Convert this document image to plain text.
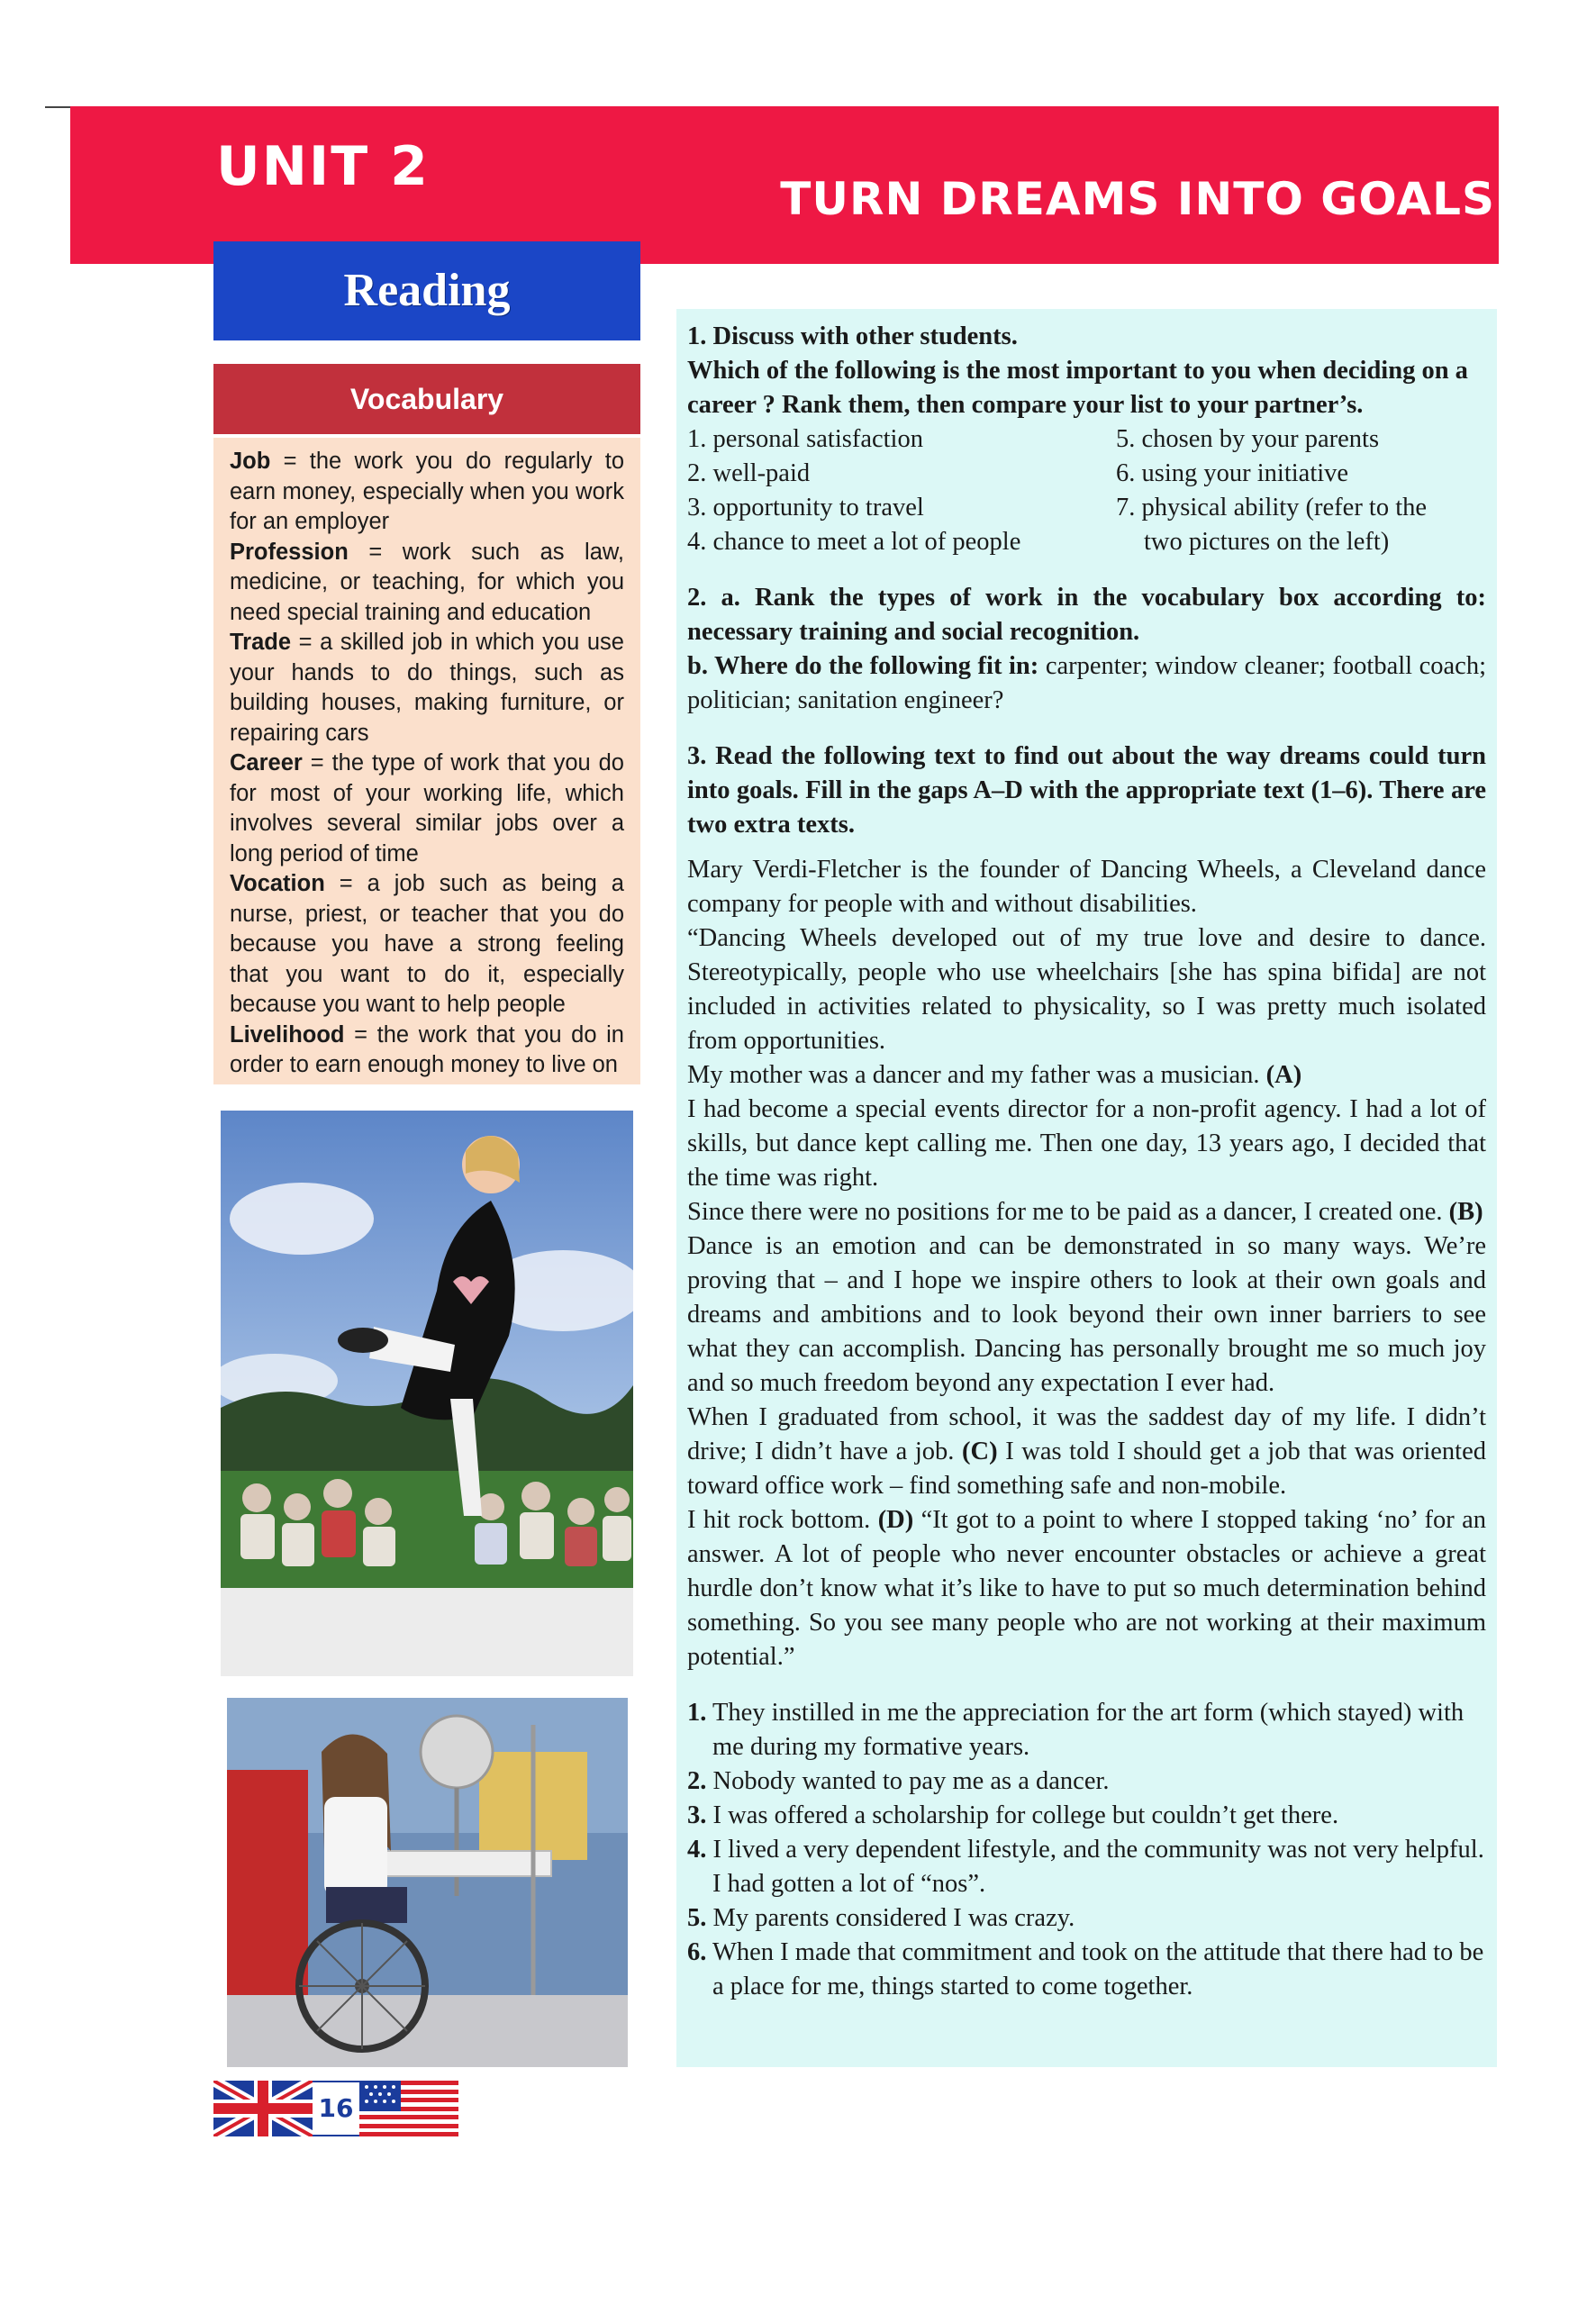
UNIT 2
TURN DREAMS INTO GOALS
Reading
Vocabulary

Job = the work you do regularly to earn money, especially when you work for an employer

Profession = work such as law, medicine, or teaching, for which you need special training and education

Trade = a skilled job in which you use your hands to do things, such as building houses, making furniture, or repairing cars

Career = the type of work that you do for most of your working life, which involves several similar jobs over a long period of time

Vocation = a job such as being a nurse, priest, or teacher that you do because you have a strong feeling that you want to do it, especially because you want to help people

Livelihood = the work that you do in order to earn enough money to live on

16

1. Discuss with other students.

Which of the following is the most important to you when deciding on a career ? Rank them, then compare your list to your partner’s.

1. personal satisfaction

2. well-paid

3. opportunity to travel

4. chance to meet a lot of people

5. chosen by your parents

6. using your initiative

7. physical ability (refer to the

two pictures on the left)

2. a. Rank the types of work in the vocabulary box according to: necessary training and social recognition.

b. Where do the following fit in: carpenter; window cleaner; football coach; politician; sanitation engineer?

3. Read the following text to find out about the way dreams could turn into goals. Fill in the gaps A–D with the appropriate text (1–6). There are two extra texts.

Mary Verdi-Fletcher is the founder of Dancing Wheels, a Cleveland dance company for people with and without disabilities.

“Dancing Wheels developed out of my true love and desire to dance. Stereotypically, people who use wheelchairs [she has spina bifida] are not included in activities related to physicality, so I was pretty much isolated from opportunities.

My mother was a dancer and my father was a musician. (A)

I had become a special events director for a non-profit agency. I had a lot of skills, but dance kept calling me. Then one day, 13 years ago, I decided that the time was right.

Since there were no positions for me to be paid as a dancer, I created one. (B)

Dance is an emotion and can be demonstrated in so many ways. We’re proving that – and I hope we inspire others to look at their own goals and dreams and ambitions and to look beyond their own inner barriers to see what they can accomplish. Dancing has personally brought me so much joy and so much freedom beyond any expectation I ever had.

When I graduated from school, it was the saddest day of my life. I didn’t drive; I didn’t have a job. (C) I was told I should get a job that was oriented toward office work – find something safe and non-mobile.

I hit rock bottom. (D) “It got to a point to where I stopped taking ‘no’ for an answer. A lot of people who never encounter obstacles or achieve a great hurdle don’t know what it’s like to have to put so much determination behind something. So you see many people who are not working at their maximum potential.”

1. They instilled in me the appreciation for the art form (which stayed) with me during my formative years.

2. Nobody wanted to pay me as a dancer.

3. I was offered a scholarship for college but couldn’t get there.

4. I lived a very dependent lifestyle, and the community was not very helpful. I had gotten a lot of “nos”.

5. My parents considered I was crazy.

6. When I made that commitment and took on the attitude that there had to be a place for me, things started to come together.
